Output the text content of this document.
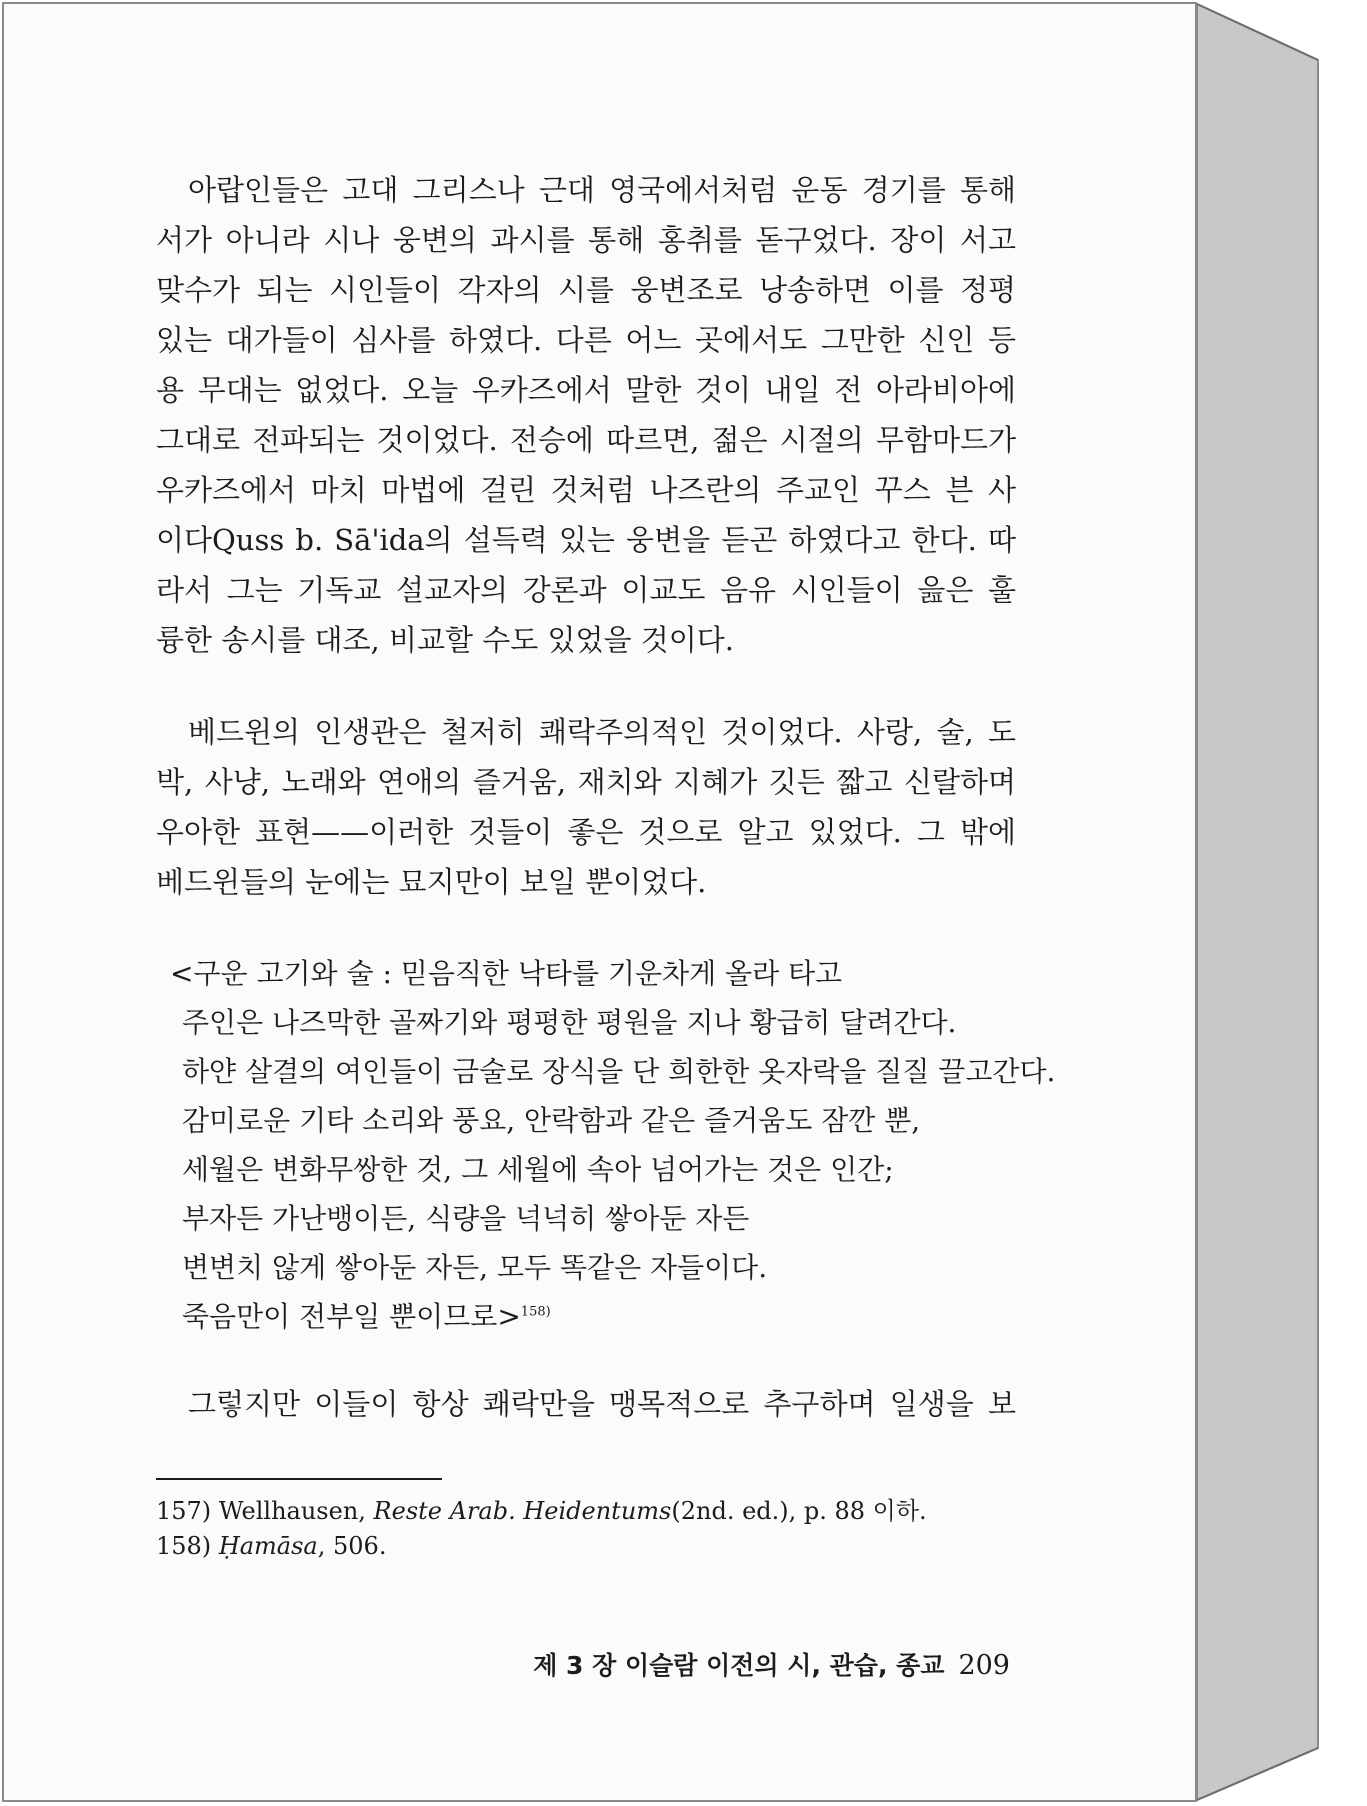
아랍인들은 고대 그리스나 근대 영국에서처럼 운동 경기를 통해
서가 아니라 시나 웅변의 과시를 통해 홍취를 돋구었다. 장이 서고
맞수가 되는 시인들이 각자의 시를 웅변조로 낭송하면 이를 정평
있는 대가들이 심사를 하였다. 다른 어느 곳에서도 그만한 신인 등
용 무대는 없었다. 오늘 우카즈에서 말한 것이 내일 전 아라비아에
그대로 전파되는 것이었다. 전승에 따르면, 젊은 시절의 무함마드가
우카즈에서 마치 마법에 걸린 것처럼 나즈란의 주교인 꾸스 븐 사
이다Quss b. Sā'ida의 설득력 있는 웅변을 듣곤 하였다고 한다. 따
라서 그는 기독교 설교자의 강론과 이교도 음유 시인들이 읊은 훌
륭한 송시를 대조, 비교할 수도 있었을 것이다.
베드윈의 인생관은 철저히 쾌락주의적인 것이었다. 사랑, 술, 도
박, 사냥, 노래와 연애의 즐거움, 재치와 지혜가 깃든 짧고 신랄하며
우아한 표현——이러한 것들이 좋은 것으로 알고 있었다. 그 밖에
베드윈들의 눈에는 묘지만이 보일 뿐이었다.
<구운 고기와 술 : 믿음직한 낙타를 기운차게 올라 타고
주인은 나즈막한 골짜기와 평평한 평원을 지나 황급히 달려간다.
하얀 살결의 여인들이 금술로 장식을 단 희한한 옷자락을 질질 끌고간다.
감미로운 기타 소리와 풍요, 안락함과 같은 즐거움도 잠깐 뿐,
세월은 변화무쌍한 것, 그 세월에 속아 넘어가는 것은 인간;
부자든 가난뱅이든, 식량을 넉넉히 쌓아둔 자든
변변치 않게 쌓아둔 자든, 모두 똑같은 자들이다.
죽음만이 전부일 뿐이므로>$^{158)}$
그렇지만 이들이 항상 쾌락만을 맹목적으로 추구하며 일생을 보
157) Wellhausen, Reste Arab. Heidentums(2nd. ed.), p. 88 이하.
158) Ḥamāsa, 506.
제 3 장 이슬람 이전의 시, 관습, 종교 209
